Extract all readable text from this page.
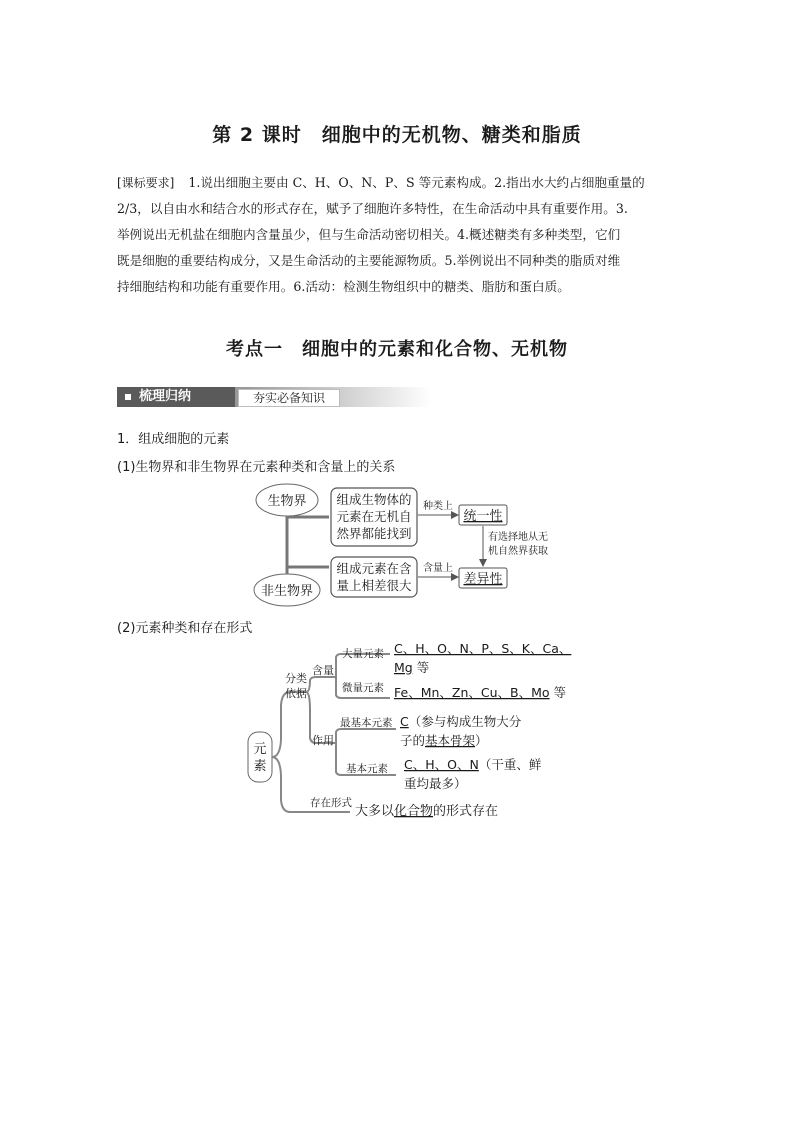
第 2 课时　细胞中的无机物、糖类和脂质
[课标要求] 1.说出细胞主要由 C、H、O、N、P、S 等元素构成。2.指出水大约占细胞重量的
2/3，以自由水和结合水的形式存在，赋予了细胞许多特性，在生命活动中具有重要作用。3.
举例说出无机盐在细胞内含量虽少，但与生命活动密切相关。4.概述糖类有多种类型，它们
既是细胞的重要结构成分，又是生命活动的主要能源物质。5.举例说出不同种类的脂质对维
持细胞结构和功能有重要作用。6.活动：检测生物组织中的糖类、脂肪和蛋白质。
考点一　细胞中的元素和化合物、无机物
梳理归纳	夯实必备知识
1．组成细胞的元素
(1)生物界和非生物界在元素种类和含量上的关系
(2)元素种类和存在形式
生物界
非生物界
组成生物体的
元素在无机自
然界都能找到
组成元素在含
量上相差很大
种类上
含量上
统一性
差异性
有选择地从无
机自然界获取
元
素
分类
依据
存在形式
含量
作用
大量元素
微量元素
最基本元素
基本元素
C、H、O、N、P、S、K、Ca、
Mg 等
Fe、Mn、Zn、Cu、B、Mo 等
C（参与构成生物大分
子的基本骨架）
C、H、O、N（干重、鲜
重均最多）
大多以化合物的形式存在
